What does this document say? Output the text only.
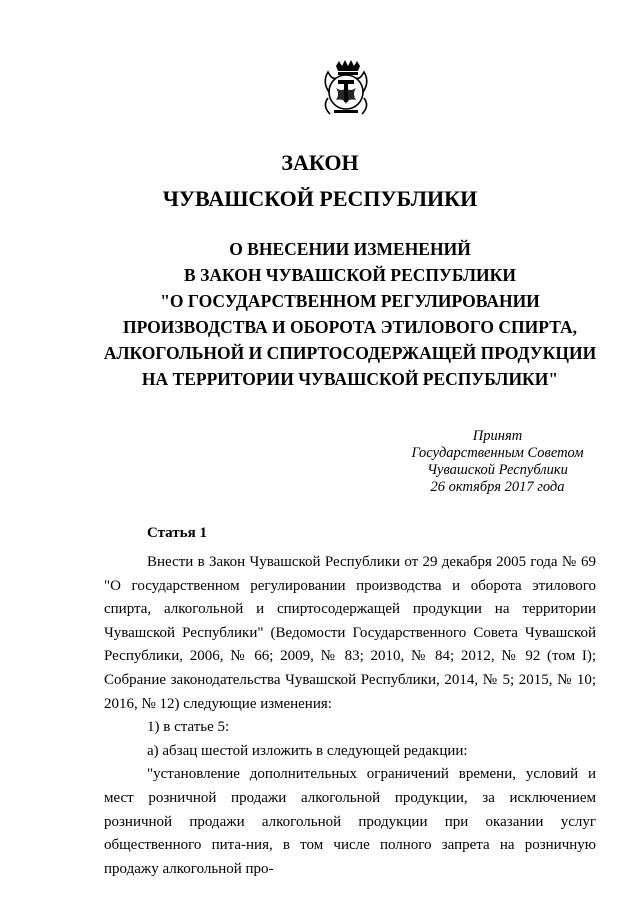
ЗАКОН
ЧУВАШСКОЙ РЕСПУБЛИКИ
О ВНЕСЕНИИ ИЗМЕНЕНИЙ
В ЗАКОН ЧУВАШСКОЙ РЕСПУБЛИКИ
"О ГОСУДАРСТВЕННОМ РЕГУЛИРОВАНИИ
ПРОИЗВОДСТВА И ОБОРОТА ЭТИЛОВОГО СПИРТА,
АЛКОГОЛЬНОЙ И СПИРТОСОДЕРЖАЩЕЙ ПРОДУКЦИИ
НА ТЕРРИТОРИИ ЧУВАШСКОЙ РЕСПУБЛИКИ"
Принят
Государственным Советом
Чувашской Республики
26 октября 2017 года
Статья 1

Внести в Закон Чувашской Республики от 29 декабря 2005 года № 69 "О государственном регулировании производства и оборота этилового спирта, алкогольной и спиртосодержащей продукции на территории Чувашской Республики" (Ведомости Государственного Совета Чувашской Республики, 2006, № 66; 2009, № 83; 2010, № 84; 2012, № 92 (том I); Собрание законодательства Чувашской Республики, 2014, № 5; 2015, № 10; 2016, № 12) следующие изменения:

1) в статье 5:

а) абзац шестой изложить в следующей редакции:

"установление дополнительных ограничений времени, условий и мест розничной продажи алкогольной продукции, за исключением розничной продажи алкогольной продукции при оказании услуг общественного пита-ния, в том числе полного запрета на розничную продажу алкогольной про-
